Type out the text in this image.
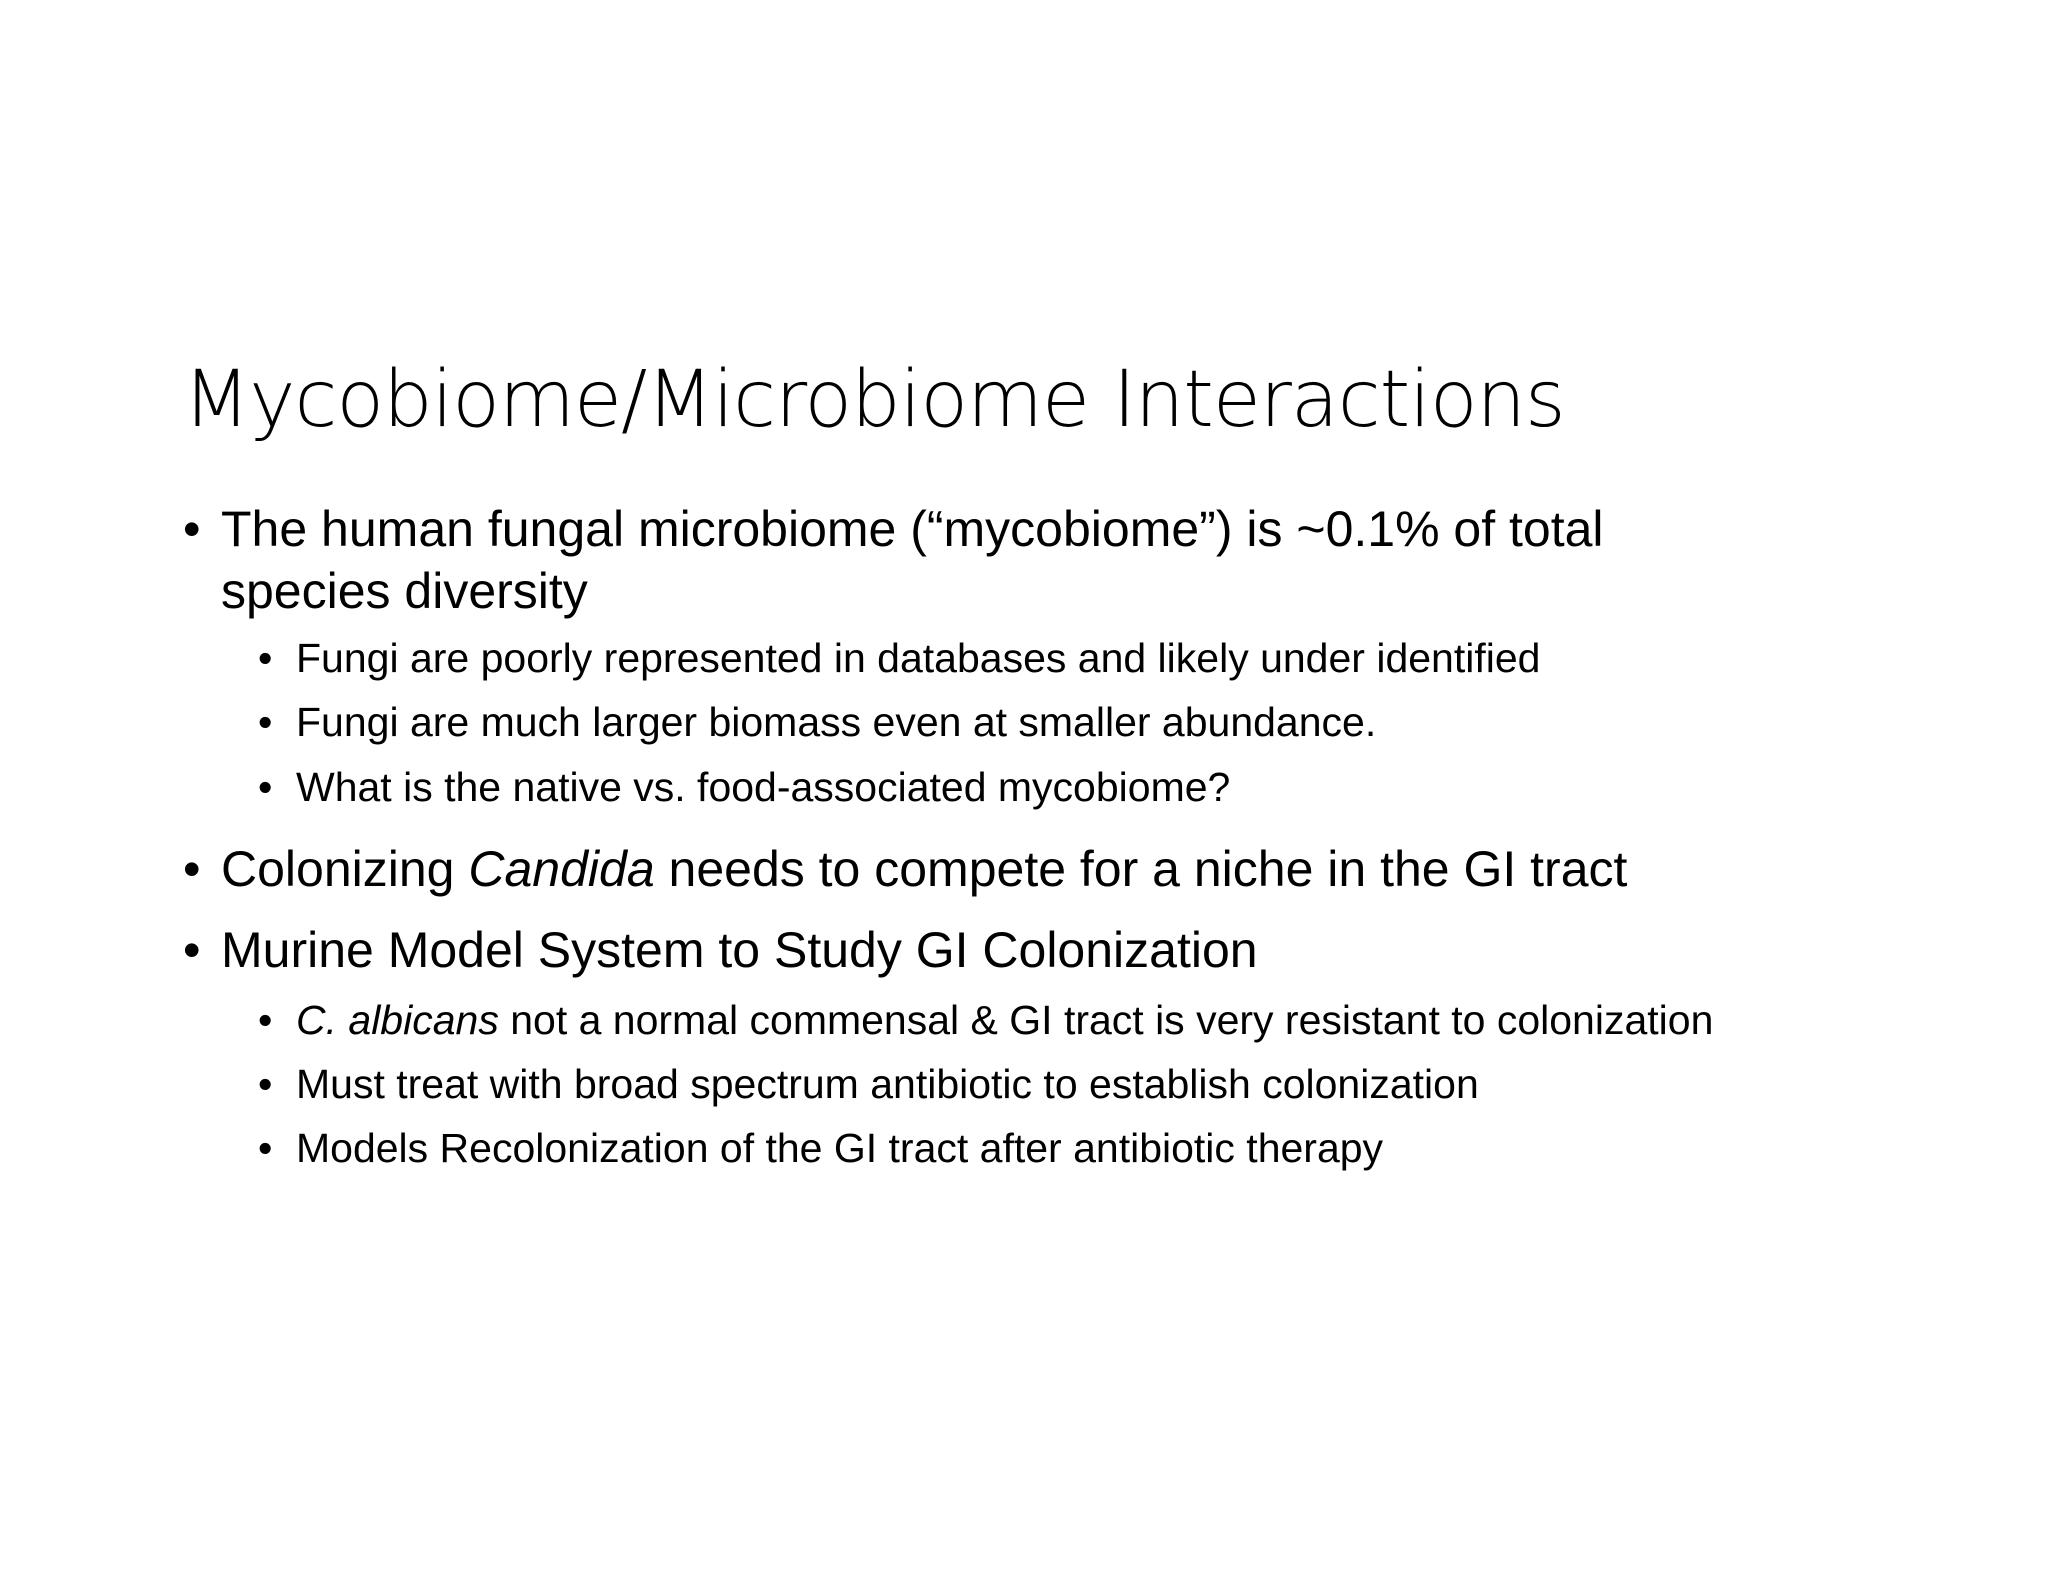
Mycobiome/Microbiome Interactions
• The human fungal microbiome (“mycobiome”) is ~0.1% of total
species diversity
• Fungi are poorly represented in databases and likely under identified
• Fungi are much larger biomass even at smaller abundance.
• What is the native vs. food-associated mycobiome?
• Colonizing Candida needs to compete for a niche in the GI tract
• Murine Model System to Study GI Colonization
• C. albicans not a normal commensal & GI tract is very resistant to colonization
• Must treat with broad spectrum antibiotic to establish colonization
• Models Recolonization of the GI tract after antibiotic therapy
